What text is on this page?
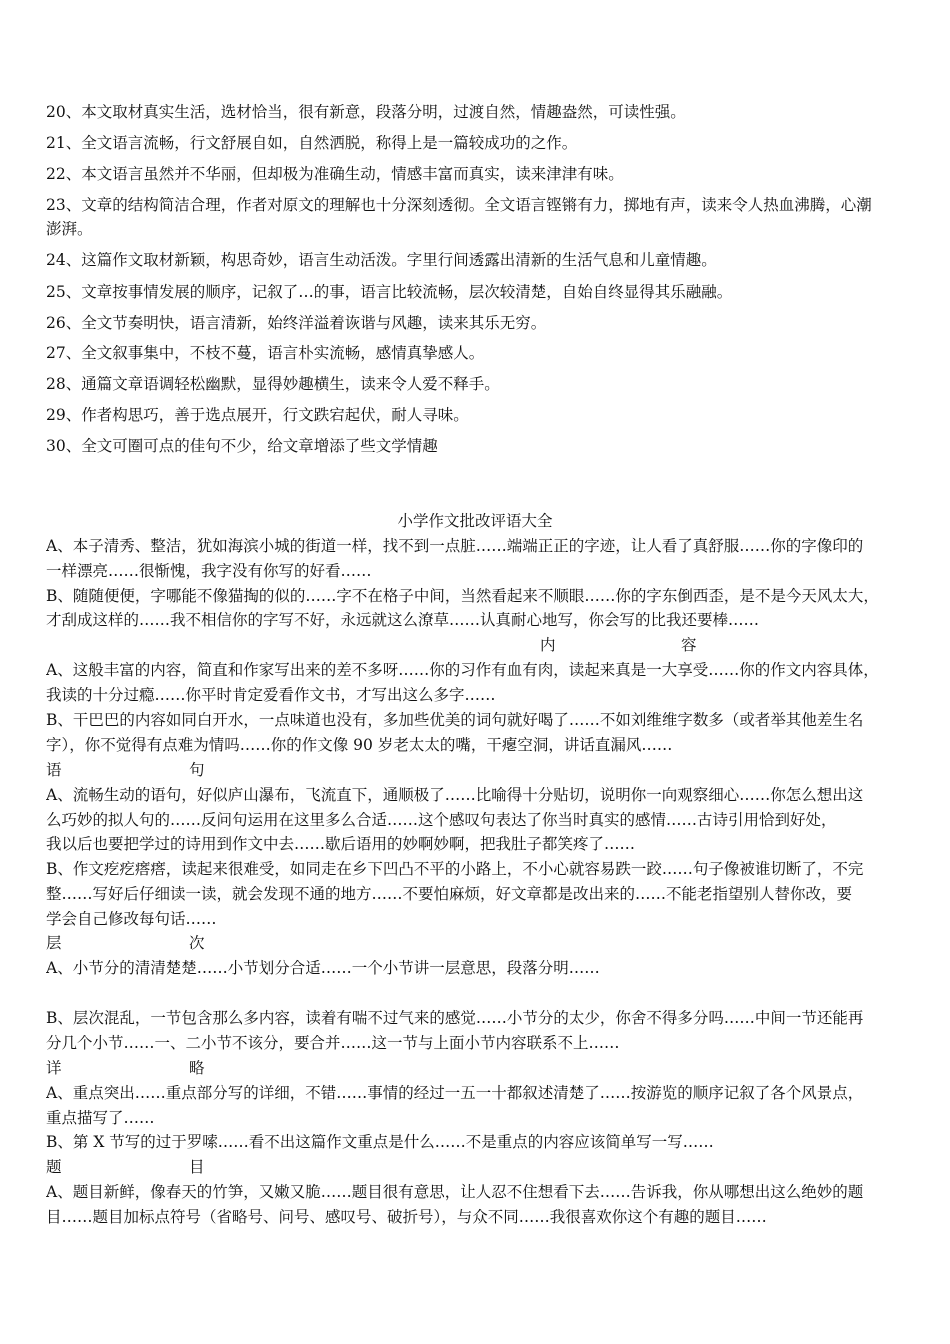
20、本文取材真实生活，选材恰当，很有新意，段落分明，过渡自然，情趣盎然，可读性强。
21、全文语言流畅，行文舒展自如，自然洒脱，称得上是一篇较成功的之作。
22、本文语言虽然并不华丽，但却极为准确生动，情感丰富而真实，读来津津有味。
23、文章的结构简洁合理，作者对原文的理解也十分深刻透彻。全文语言铿锵有力，掷地有声，读来令人热血沸腾，心潮
澎湃。
24、这篇作文取材新颖，构思奇妙，语言生动活泼。字里行间透露出清新的生活气息和儿童情趣。
25、文章按事情发展的顺序，记叙了…的事，语言比较流畅，层次较清楚，自始自终显得其乐融融。
26、全文节奏明快，语言清新，始终洋溢着诙谐与风趣，读来其乐无穷。
27、全文叙事集中，不枝不蔓，语言朴实流畅，感情真挚感人。
28、通篇文章语调轻松幽默，显得妙趣横生，读来令人爱不释手。
29、作者构思巧，善于选点展开，行文跌宕起伏，耐人寻味。
30、全文可圈可点的佳句不少，给文章增添了些文学情趣
小学作文批改评语大全
A、本子清秀、整洁，犹如海滨小城的街道一样，找不到一点脏……端端正正的字迹，让人看了真舒服……你的字像印的
一样漂亮……很惭愧，我字没有你写的好看……
B、随随便便，字哪能不像猫掏的似的……字不在格子中间，当然看起来不顺眼……你的字东倒西歪，是不是今天风太大，
才刮成这样的……我不相信你的字写不好，永远就这么潦草……认真耐心地写，你会写的比我还要棒……
内	容
A、这般丰富的内容，简直和作家写出来的差不多呀……你的习作有血有肉，读起来真是一大享受……你的作文内容具体，
我读的十分过瘾……你平时肯定爱看作文书，才写出这么多字……
B、干巴巴的内容如同白开水，一点味道也没有，多加些优美的词句就好喝了……不如刘维维字数多（或者举其他差生名
字），你不觉得有点难为情吗……你的作文像 90 岁老太太的嘴，干瘪空洞，讲话直漏风……
语	句
A、流畅生动的语句，好似庐山瀑布，飞流直下，通顺极了……比喻得十分贴切，说明你一向观察细心……你怎么想出这
么巧妙的拟人句的……反问句运用在这里多么合适……这个感叹句表达了你当时真实的感情……古诗引用恰到好处，
我以后也要把学过的诗用到作文中去……歇后语用的妙啊妙啊，把我肚子都笑疼了……
B、作文疙疙瘩瘩，读起来很难受，如同走在乡下凹凸不平的小路上，不小心就容易跌一跤……句子像被谁切断了，不完
整……写好后仔细读一读，就会发现不通的地方……不要怕麻烦，好文章都是改出来的……不能老指望别人替你改，要
学会自己修改每句话……
层	次
A、小节分的清清楚楚……小节划分合适……一个小节讲一层意思，段落分明……
B、层次混乱，一节包含那么多内容，读着有喘不过气来的感觉……小节分的太少，你舍不得多分吗……中间一节还能再
分几个小节……一、二小节不该分，要合并……这一节与上面小节内容联系不上……
详	略
A、重点突出……重点部分写的详细，不错……事情的经过一五一十都叙述清楚了……按游览的顺序记叙了各个风景点，
重点描写了……
B、第 X 节写的过于罗嗦……看不出这篇作文重点是什么……不是重点的内容应该简单写一写……
题	目
A、题目新鲜，像春天的竹笋，又嫩又脆……题目很有意思，让人忍不住想看下去……告诉我，你从哪想出这么绝妙的题
目……题目加标点符号（省略号、问号、感叹号、破折号），与众不同……我很喜欢你这个有趣的题目……
